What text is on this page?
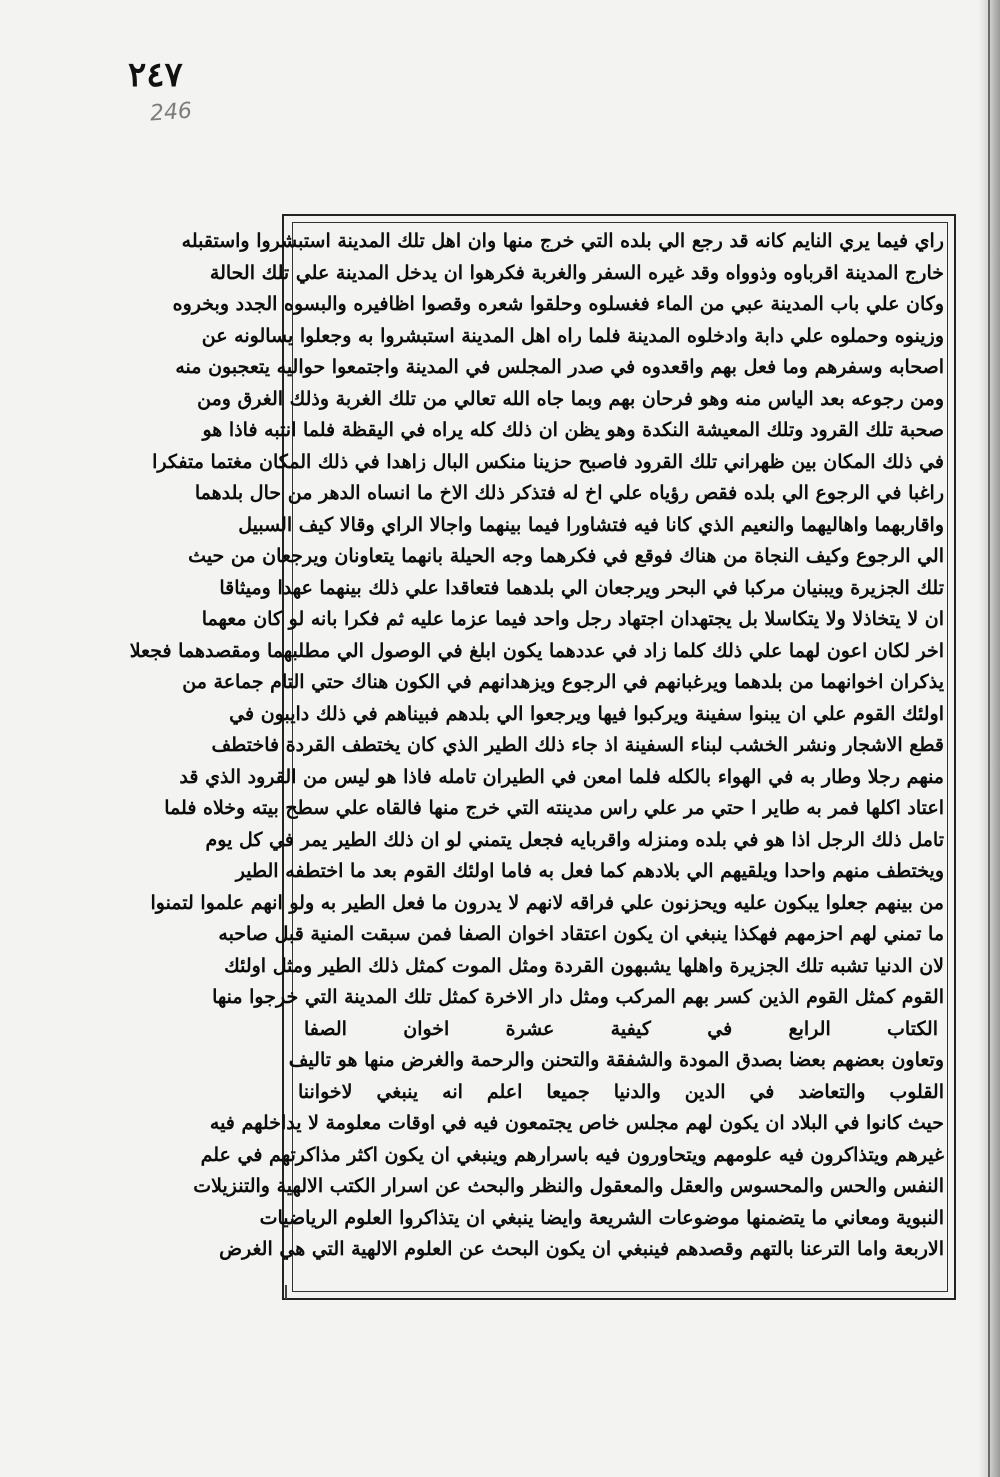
٢٤٧
246
راي فيما يري النايم كانه قد رجع الي بلده التي خرج منها وان اهل تلك المدينة استبشروا واستقبله
خارج المدينة اقرباوه وذوواه وقد غيره السفر والغربة فكرهوا ان يدخل المدينة علي تلك الحالة
وكان علي باب المدينة عبي من الماء فغسلوه وحلقوا شعره وقصوا اظافيره والبسوه الجدد وبخروه
وزينوه وحملوه علي دابة وادخلوه المدينة فلما راه اهل المدينة استبشروا به وجعلوا يسالونه عن
اصحابه وسفرهم وما فعل بهم واقعدوه في صدر المجلس في المدينة واجتمعوا حواليه يتعجبون منه
ومن رجوعه بعد الياس منه وهو فرحان بهم وبما جاه الله تعالي من تلك الغربة وذلك الغرق ومن
صحبة تلك القرود وتلك المعيشة النكدة وهو يظن ان ذلك كله يراه في اليقظة فلما انتبه فاذا هو
في ذلك المكان بين ظهراني تلك القرود فاصبح حزينا منكس البال زاهدا في ذلك المكان مغتما متفكرا
راغبا في الرجوع الي بلده فقص رؤياه علي اخ له فتذكر ذلك الاخ ما انساه الدهر من حال بلدهما
واقاربهما واهاليهما والنعيم الذي كانا فيه فتشاورا فيما بينهما واجالا الراي وقالا كيف السبيل
الي الرجوع وكيف النجاة من هناك فوقع في فكرهما وجه الحيلة بانهما يتعاونان ويرجعان من حيث
تلك الجزيرة ويبنيان مركبا في البحر ويرجعان الي بلدهما فتعاقدا علي ذلك بينهما عهدا وميثاقا
ان لا يتخاذلا ولا يتكاسلا بل يجتهدان اجتهاد رجل واحد فيما عزما عليه ثم فكرا بانه لو كان معهما
اخر لكان اعون لهما علي ذلك كلما زاد في عددهما يكون ابلغ في الوصول الي مطلبهما ومقصدهما فجعلا
يذكران اخوانهما من بلدهما ويرغبانهم في الرجوع ويزهدانهم في الكون هناك حتي التام جماعة من
اولئك القوم علي ان يبنوا سفينة ويركبوا فيها ويرجعوا الي بلدهم فبيناهم في ذلك دايبون في
قطع الاشجار ونشر الخشب لبناء السفينة اذ جاء ذلك الطير الذي كان يختطف القردة فاختطف
منهم رجلا وطار به في الهواء بالكله فلما امعن في الطيران تامله فاذا هو ليس من القرود الذي قد
اعتاد اكلها فمر به طاير ا حتي مر علي راس مدينته التي خرج منها فالقاه علي سطح بيته وخلاه فلما
تامل ذلك الرجل اذا هو في بلده ومنزله واقربايه فجعل يتمني لو ان ذلك الطير يمر في كل يوم
ويختطف منهم واحدا ويلقيهم الي بلادهم كما فعل به فاما اولئك القوم بعد ما اختطفه الطير
من بينهم جعلوا يبكون عليه ويحزنون علي فراقه لانهم لا يدرون ما فعل الطير به ولو انهم علموا لتمنوا
ما تمني لهم احزمهم فهكذا ينبغي ان يكون اعتقاد اخوان الصفا فمن سبقت المنية قبل صاحبه
لان الدنيا تشبه تلك الجزيرة واهلها يشبهون القردة ومثل الموت كمثل ذلك الطير ومثل اولئك
القوم كمثل القوم الذين كسر بهم المركب ومثل دار الاخرة كمثل تلك المدينة التي خرجوا منها
الكتاب الرابع في كيفية عشرة اخوان الصفا
وتعاون بعضهم بعضا بصدق المودة والشفقة والتحنن والرحمة والغرض منها هو تاليف
القلوب والتعاضد في الدين والدنيا جميعا اعلم انه ينبغي لاخواننا
حيث كانوا في البلاد ان يكون لهم مجلس خاص يجتمعون فيه في اوقات معلومة لا يداخلهم فيه
غيرهم ويتذاكرون فيه علومهم ويتحاورون فيه باسرارهم وينبغي ان يكون اكثر مذاكرتهم في علم
النفس والحس والمحسوس والعقل والمعقول والنظر والبحث عن اسرار الكتب الالهية والتنزيلات
النبوية ومعاني ما يتضمنها موضوعات الشريعة وايضا ينبغي ان يتذاكروا العلوم الرياضيات
الاربعة واما الترعنا بالتهم وقصدهم فينبغي ان يكون البحث عن العلوم الالهية التي هي الغرض
